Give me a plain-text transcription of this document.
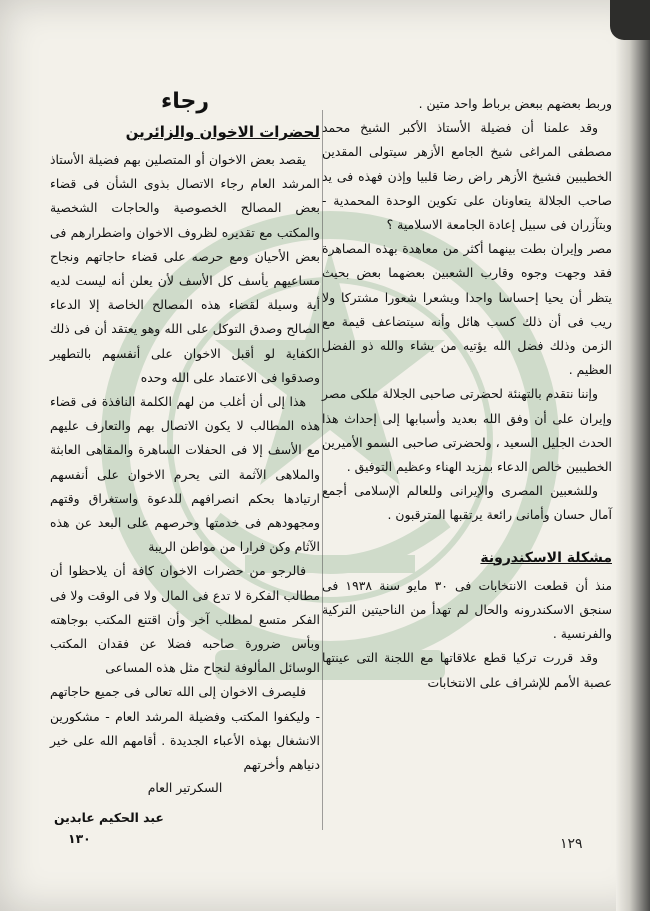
وربط بعضهم ببعض برباط واحد متين .

وقد علمنا أن فضيلة الأستاذ الأكبر الشيخ محمد مصطفى المراغى شيخ الجامع الأزهر سيتولى المقدين الخطيبين فشيخ الأزهر راض رضا قلبيا وإذن فهذه فى يد صاحب الجلالة يتعاونان على تكوين الوحدة المحمدية - وبتآزران فى سبيل إعادة الجامعة الاسلامية ؟

مصر وإيران بطت بينهما أكثر من معاهدة بهذه المصاهرة فقد وجهت وجوه وقارب الشعبين بعضهما بعض بحيث يتظر أن يحيا إحساسا واحدا ويشعرا شعورا مشتركا ولا ريب فى أن ذلك كسب هائل وأنه سيتضاعف قيمة مع الزمن وذلك فضل الله يؤتيه من يشاء والله ذو الفضل العظيم .

وإننا نتقدم بالتهنئة لحضرتى صاحبى الجلالة ملكى مصر وإيران على أن وفق الله بعديد وأسبابها إلى إحداث هذا الحدث الجليل السعيد ، ولحضرتى صاحبى السمو الأميرين الخطيبين خالص الدعاء بمزيد الهناء وعظيم التوفيق .

وللشعبين المصرى والإيرانى وللعالم الإسلامى أجمع آمال حسان وأمانى رائعة يرتقبها المترقبون .

مشكلة الاسكندرونة

منذ أن قطعت الانتخابات فى ٣٠ مايو سنة ١٩٣٨ فى سنجق الاسكندرونه والحال لم تهدأ من الناحيتين التركية والفرنسية .

وقد قررت تركيا قطع علاقاتها مع اللجنة التى عينتها عصبة الأمم للإشراف على الانتخابات

رجاء
لحضرات الاخوان والزائرين

يقصد بعض الاخوان أو المتصلين بهم فضيلة الأستاذ المرشد العام رجاء الاتصال بذوى الشأن فى قضاء بعض المصالح الخصوصية والحاجات الشخصية والمكتب مع تقديره لظروف الاخوان واضطرارهم فى بعض الأحيان ومع حرصه على قضاء حاجاتهم ونجاح مساعيهم يأسف كل الأسف لأن يعلن أنه ليست لديه أية وسيلة لقضاء هذه المصالح الخاصة إلا الدعاء الصالح وصدق التوكل على الله وهو يعتقد أن فى ذلك الكفاية لو أقبل الاخوان على أنفسهم بالتطهير وصدقوا فى الاعتماد على الله وحده

هذا إلى أن أغلب من لهم الكلمة النافذة فى قضاء هذه المطالب لا يكون الاتصال بهم والتعارف عليهم مع الأسف إلا فى الحفلات الساهرة والمقاهى العابثة والملاهى الآثمة التى يحرم الاخوان على أنفسهم ارتيادها بحكم انصرافهم للدعوة واستغراق وقتهم ومجهودهم فى خدمتها وحرصهم على البعد عن هذه الآثام وكن فرارا من مواطن الريبة

فالرجو من حضرات الاخوان كافة أن يلاحظوا أن مطالب الفكرة لا تدع فى المال ولا فى الوقت ولا فى الفكر متسع لمطلب آخر وأن اقتنع المكتب بوجاهته وبأس ضرورة صاحبه فضلا عن فقدان المكتب الوسائل المألوفة لنجاح مثل هذه المساعى

فليصرف الاخوان إلى الله تعالى فى جميع حاجاتهم - وليكفوا المكتب وفضيلة المرشد العام - مشكورين الانشغال بهذه الأعباء الجديدة . أقامهم الله على خير دنياهم وأخرتهم

السكرتير العام
عبد الحكيم عابدين
١٣٠	١٢٩
